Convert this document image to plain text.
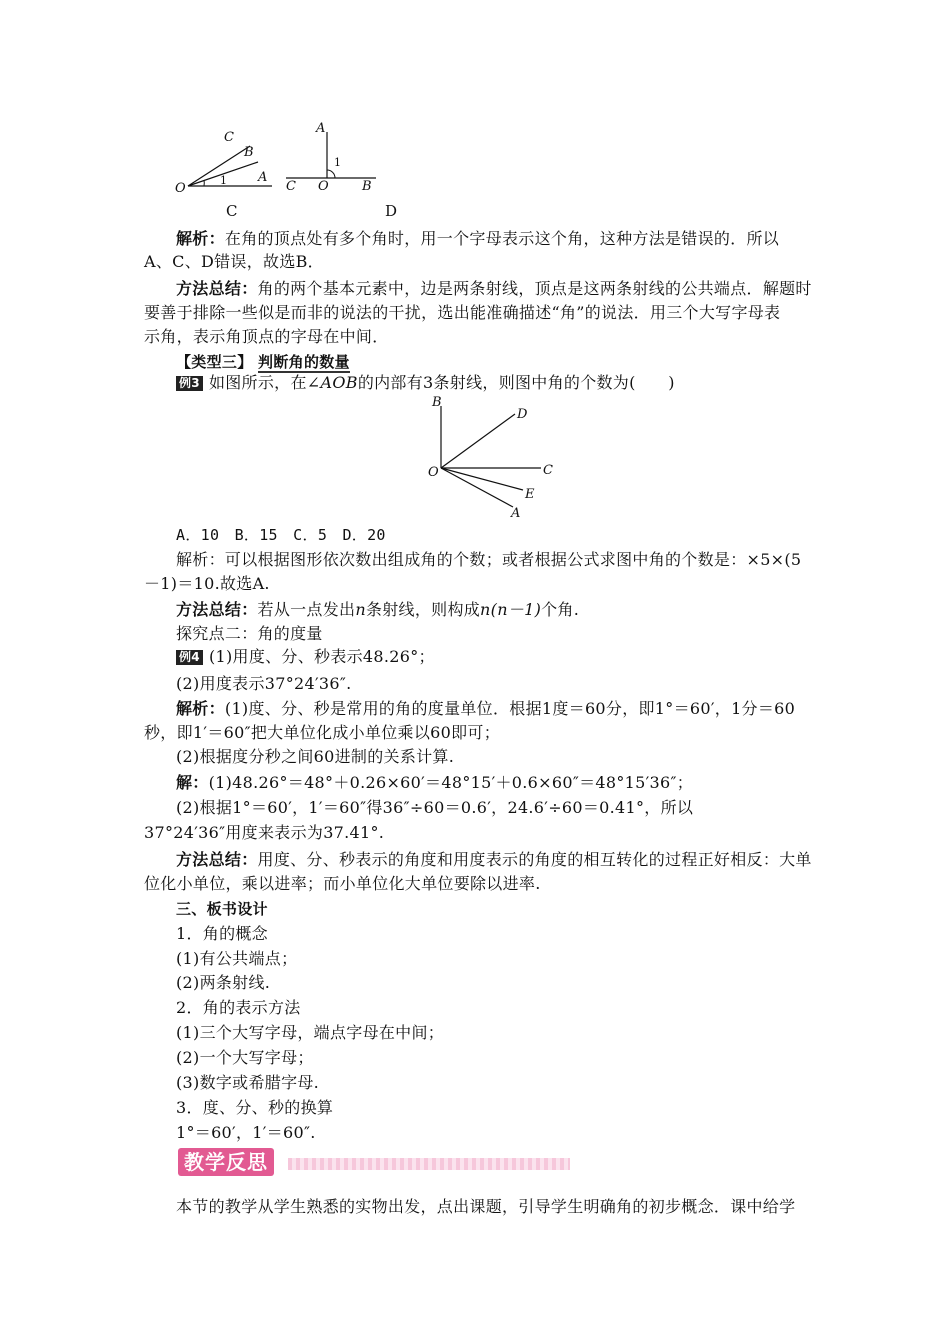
C
B
O
1 A
C
A
1
C O	B
D
解析：在角的顶点处有多个角时，用一个字母表示这个角，这种方法是错误的．所以
A、C、D错误，故选B．
方法总结：角的两个基本元素中，边是两条射线，顶点是这两条射线的公共端点．解题时
要善于排除一些似是而非的说法的干扰，选出能准确描述“角”的说法．用三个大写字母表
示角，表示角顶点的字母在中间．
【类型三】 判断角的数量
例3 如图所示，在∠AOB的内部有3条射线，则图中角的个数为(　　)
B
D
O	C
E
A
A．10　B．15　C．5　D．20
解析：可以根据图形依次数出组成角的个数；或者根据公式求图中角的个数是：×5×(5
－1)＝10.故选A.
方法总结：若从一点发出n条射线，则构成n(n－1)个角.
探究点二：角的度量
例4 (1)用度、分、秒表示48.26°；
(2)用度表示37°24′36″.
解析：(1)度、分、秒是常用的角的度量单位．根据1度＝60分，即1°＝60′，1分＝60
秒，即1′＝60″把大单位化成小单位乘以60即可；
(2)根据度分秒之间60进制的关系计算.
解：(1)48.26°＝48°＋0.26×60′＝48°15′＋0.6×60″＝48°15′36″；
(2)根据1°＝60′，1′＝60″得36″÷60＝0.6′，24.6′÷60＝0.41°，所以
37°24′36″用度来表示为37.41°.
方法总结：用度、分、秒表示的角度和用度表示的角度的相互转化的过程正好相反：大单
位化小单位，乘以进率；而小单位化大单位要除以进率.
三、板书设计
1．角的概念
(1)有公共端点；
(2)两条射线.
2．角的表示方法
(1)三个大写字母，端点字母在中间；
(2)一个大写字母；
(3)数字或希腊字母.
3．度、分、秒的换算
1°＝60′，1′＝60″.
教学反思
本节的教学从学生熟悉的实物出发，点出课题，引导学生明确角的初步概念．课中给学
